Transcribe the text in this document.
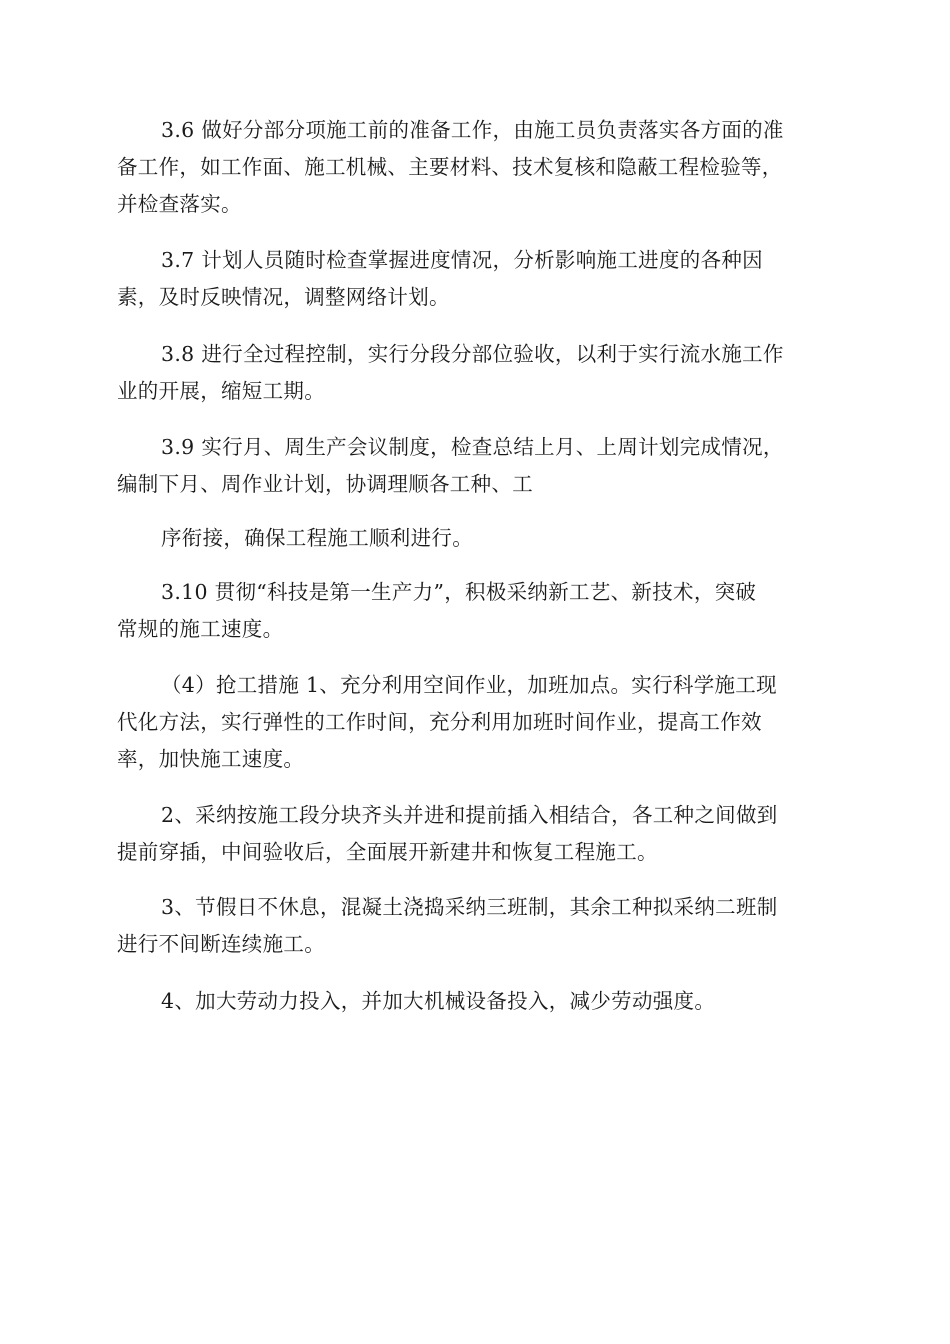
3.6 做好分部分项施工前的准备工作，由施工员负责落实各方面的准
备工作，如工作面、施工机械、主要材料、技术复核和隐蔽工程检验等，
并检查落实。

3.7 计划人员随时检查掌握进度情况，分析影响施工进度的各种因
素，及时反映情况，调整网络计划。

3.8 进行全过程控制，实行分段分部位验收，以利于实行流水施工作
业的开展，缩短工期。

3.9 实行月、周生产会议制度，检查总结上月、上周计划完成情况，
编制下月、周作业计划，协调理顺各工种、工

序衔接，确保工程施工顺利进行。

3.10 贯彻“科技是第一生产力”，积极采纳新工艺、新技术，突破
常规的施工速度。

（4）抢工措施 1、充分利用空间作业，加班加点。实行科学施工现
代化方法，实行弹性的工作时间，充分利用加班时间作业，提高工作效
率，加快施工速度。

2、采纳按施工段分块齐头并进和提前插入相结合，各工种之间做到
提前穿插，中间验收后，全面展开新建井和恢复工程施工。

3、节假日不休息，混凝土浇捣采纳三班制，其余工种拟采纳二班制
进行不间断连续施工。

4、加大劳动力投入，并加大机械设备投入，减少劳动强度。
